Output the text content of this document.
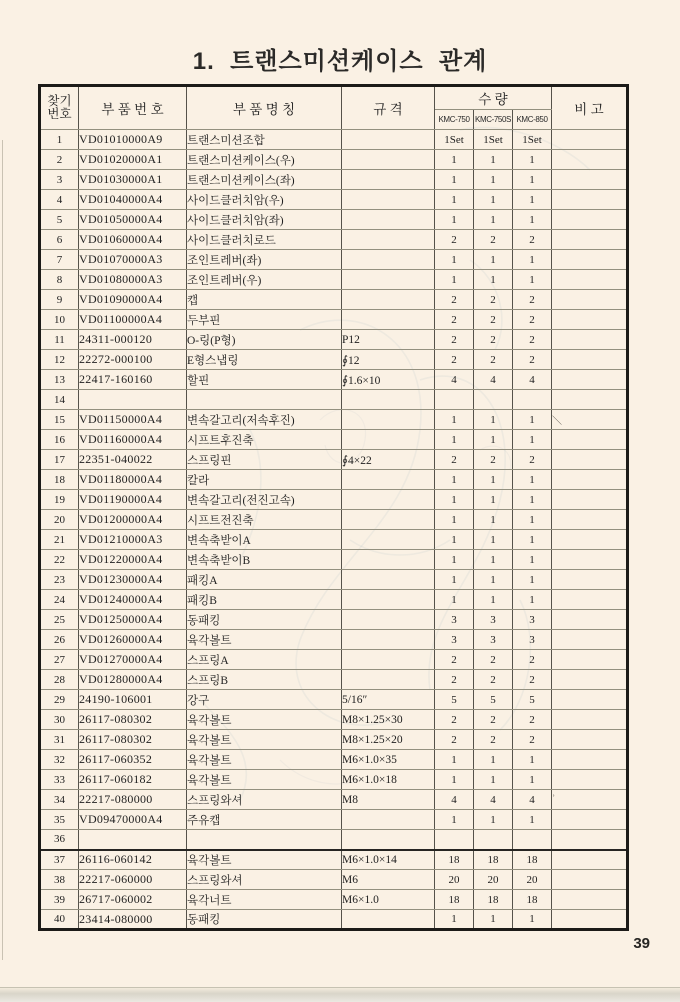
1.  트랜스미션케이스  관계
찾기
번호	부 품 번 호	부 품 명 칭	규 격	수 량			비 고
				KMC-750	KMC-750S	KMC-850	
1	VD01010000A9	트랜스미션조합		1Set	1Set	1Set	
2	VD01020000A1	트랜스미션케이스(우)		1	1	1	
3	VD01030000A1	트랜스미션케이스(좌)		1	1	1	
4	VD01040000A4	사이드클러치암(우)		1	1	1	
5	VD01050000A4	사이드클러치암(좌)		1	1	1	
6	VD01060000A4	사이드클러치로드		2	2	2	
7	VD01070000A3	조인트레버(좌)		1	1	1	
8	VD01080000A3	조인트레버(우)		1	1	1	
9	VD01090000A4	캡		2	2	2	
10	VD01100000A4	두부핀		2	2	2	
11	24311-000120	O-링(P형)	P12	2	2	2	
12	22272-000100	E형스냅링	∮12	2	2	2	
13	22417-160160	할핀	∮1.6×10	4	4	4	
14							
15	VD01150000A4	변속갈고리(저속후진)		1	1	1	＼
16	VD01160000A4	시프트후진축		1	1	1	
17	22351-040022	스프링핀	∮4×22	2	2	2	
18	VD01180000A4	칼라		1	1	1	
19	VD01190000A4	변속갈고리(전진고속)		1	1	1	
20	VD01200000A4	시프트전진축		1	1	1	
21	VD01210000A3	변속축받이A		1	1	1	
22	VD01220000A4	변속축받이B		1	1	1	
23	VD01230000A4	패킹A		1	1	1	
24	VD01240000A4	패킹B		1	1	1	
25	VD01250000A4	동패킹		3	3	3	
26	VD01260000A4	육각볼트		3	3	3	
27	VD01270000A4	스프링A		2	2	2	
28	VD01280000A4	스프링B		2	2	2	
29	24190-106001	강구	5/16″	5	5	5	
30	26117-080302	육각볼트	M8×1.25×30	2	2	2	
31	26117-080302	육각볼트	M8×1.25×20	2	2	2	
32	26117-060352	육각볼트	M6×1.0×35	1	1	1	
33	26117-060182	육각볼트	M6×1.0×18	1	1	1	
34	22217-080000	스프링와셔	M8	4	4	4	ʾ
35	VD09470000A4	주유캡		1	1	1	
36							
37	26116-060142	육각볼트	M6×1.0×14	18	18	18	
38	22217-060000	스프링와셔	M6	20	20	20	
39	26717-060002	육각너트	M6×1.0	18	18	18	
40	23414-080000	동패킹		1	1	1	
39
